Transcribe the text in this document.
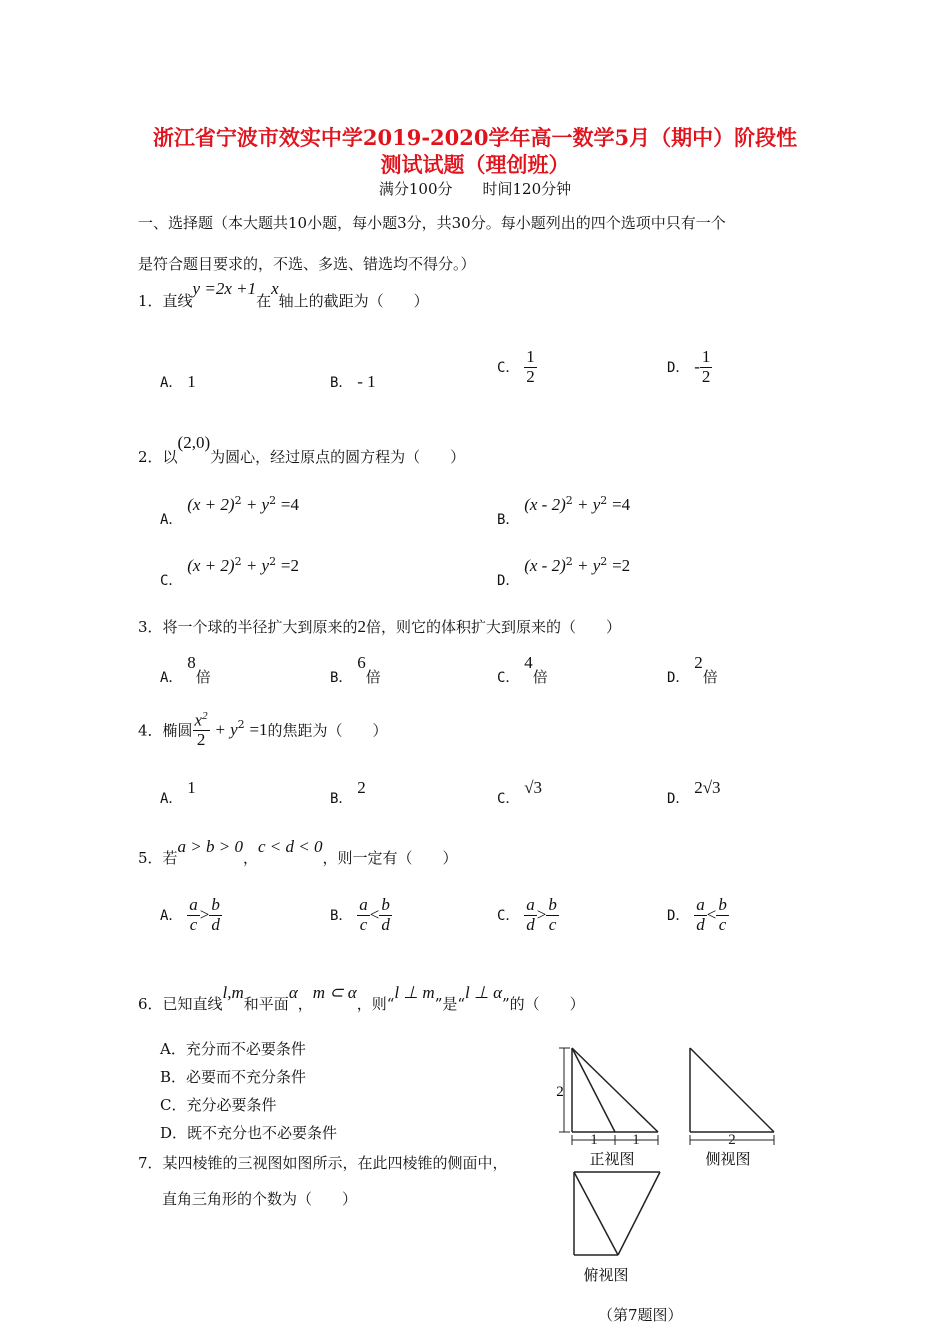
浙江省宁波市效实中学2019-2020学年高一数学5月（期中）阶段性
测试试题（理创班）
满分100分　　时间120分钟
一、选择题（本大题共10小题，每小题3分，共30分。每小题列出的四个选项中只有一个
是符合题目要求的，不选、多选、错选均不得分。）
1．直线y =2x +1在x轴上的截距为（　　）
A． 1	B． - 1
C． $\frac{1}{2}$	D． - $\frac{1}{2}$
2．以(2,0)为圆心，经过原点的圆方程为（　　）
A． $(x + 2)^2 + y^2 =4$
B． $(x - 2)^2 + y^2 =4$
C． $(x + 2)^2 + y^2 =2$
D． $(x - 2)^2 + y^2 =2$
3．将一个球的半径扩大到原来的2倍，则它的体积扩大到原来的（　　）
A． 8倍	B． 6倍	C． 4倍	D． 2倍
4．椭圆 $\frac{x^2}{2} + y^2 =1$的焦距为（　　）
A． 1
B． 2
C． √3
D． 2√3
5．若a > b > 0，c < d < 0，则一定有（　　）
A． $\frac{a}{c} > \frac{b}{d}$	B． $\frac{a}{c} < \frac{b}{d}$	C． $\frac{a}{d} > \frac{b}{c}$	D． $\frac{a}{d} < \frac{b}{c}$
6．已知直线l,m和平面α，m ⊂ α，则“l ⊥ m”是“l ⊥ α”的（　　）
A．充分而不必要条件
B．必要而不充分条件
C．充分必要条件
D．既不充分也不必要条件
7．某四棱锥的三视图如图所示，在此四棱锥的侧面中，
直角三角形的个数为（　　）
2
1 1
正视图
2
侧视图
俯视图
（第7题图）
